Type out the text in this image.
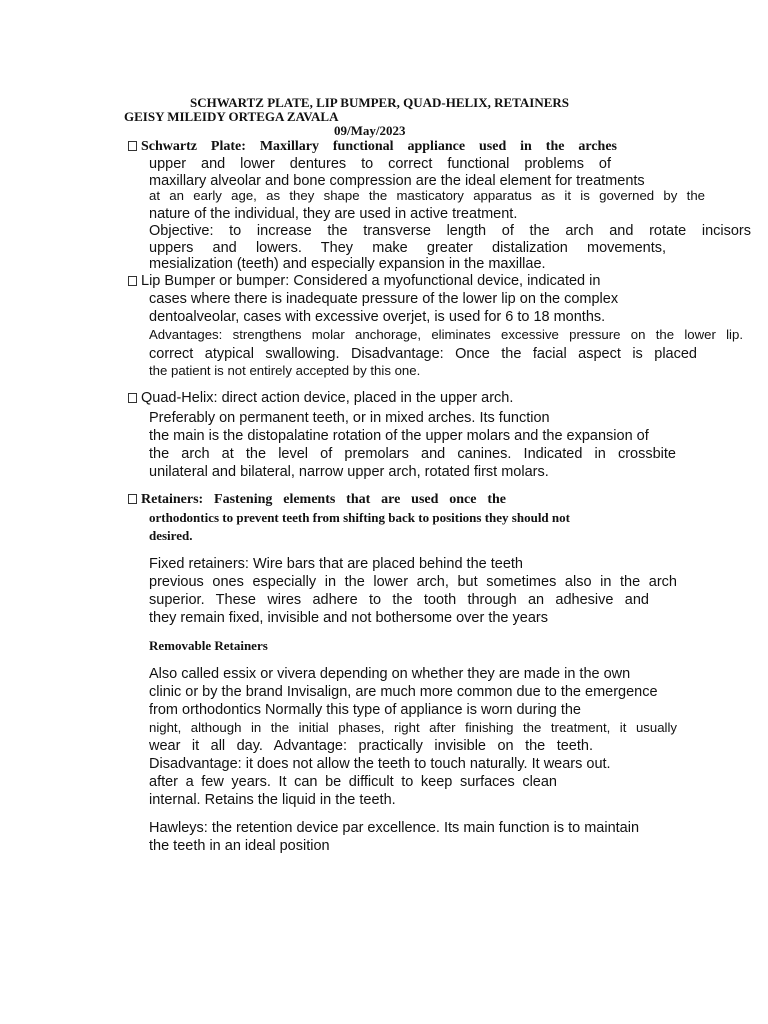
SCHWARTZ PLATE, LIP BUMPER, QUAD-HELIX, RETAINERS
GEISY MILEIDY ORTEGA ZAVALA
09/May/2023
Schwartz Plate: Maxillary functional appliance used in the arches
upper and lower dentures to correct functional problems of
maxillary alveolar and bone compression are the ideal element for treatments
at an early age, as they shape the masticatory apparatus as it is governed by the
nature of the individual, they are used in active treatment.
Objective: to increase the transverse length of the arch and rotate incisors
uppers and lowers. They make greater distalization movements,
mesialization (teeth) and especially expansion in the maxillae.
Lip Bumper or bumper: Considered a myofunctional device, indicated in
cases where there is inadequate pressure of the lower lip on the complex
dentoalveolar, cases with excessive overjet, is used for 6 to 18 months.
Advantages: strengthens molar anchorage, eliminates excessive pressure on the lower lip.
correct atypical swallowing. Disadvantage: Once the facial aspect is placed
the patient is not entirely accepted by this one.
Quad-Helix: direct action device, placed in the upper arch.
Preferably on permanent teeth, or in mixed arches. Its function
the main is the distopalatine rotation of the upper molars and the expansion of
the arch at the level of premolars and canines. Indicated in crossbite
unilateral and bilateral, narrow upper arch, rotated first molars.
Retainers: Fastening elements that are used once the
orthodontics to prevent teeth from shifting back to positions they should not
desired.
Fixed retainers: Wire bars that are placed behind the teeth
previous ones especially in the lower arch, but sometimes also in the arch
superior. These wires adhere to the tooth through an adhesive and
they remain fixed, invisible and not bothersome over the years
Removable Retainers
Also called essix or vivera depending on whether they are made in the own
clinic or by the brand Invisalign, are much more common due to the emergence
from orthodontics Normally this type of appliance is worn during the
night, although in the initial phases, right after finishing the treatment, it usually
wear it all day. Advantage: practically invisible on the teeth.
Disadvantage: it does not allow the teeth to touch naturally. It wears out.
after a few years. It can be difficult to keep surfaces clean
internal. Retains the liquid in the teeth.
Hawleys: the retention device par excellence. Its main function is to maintain
the teeth in an ideal position
